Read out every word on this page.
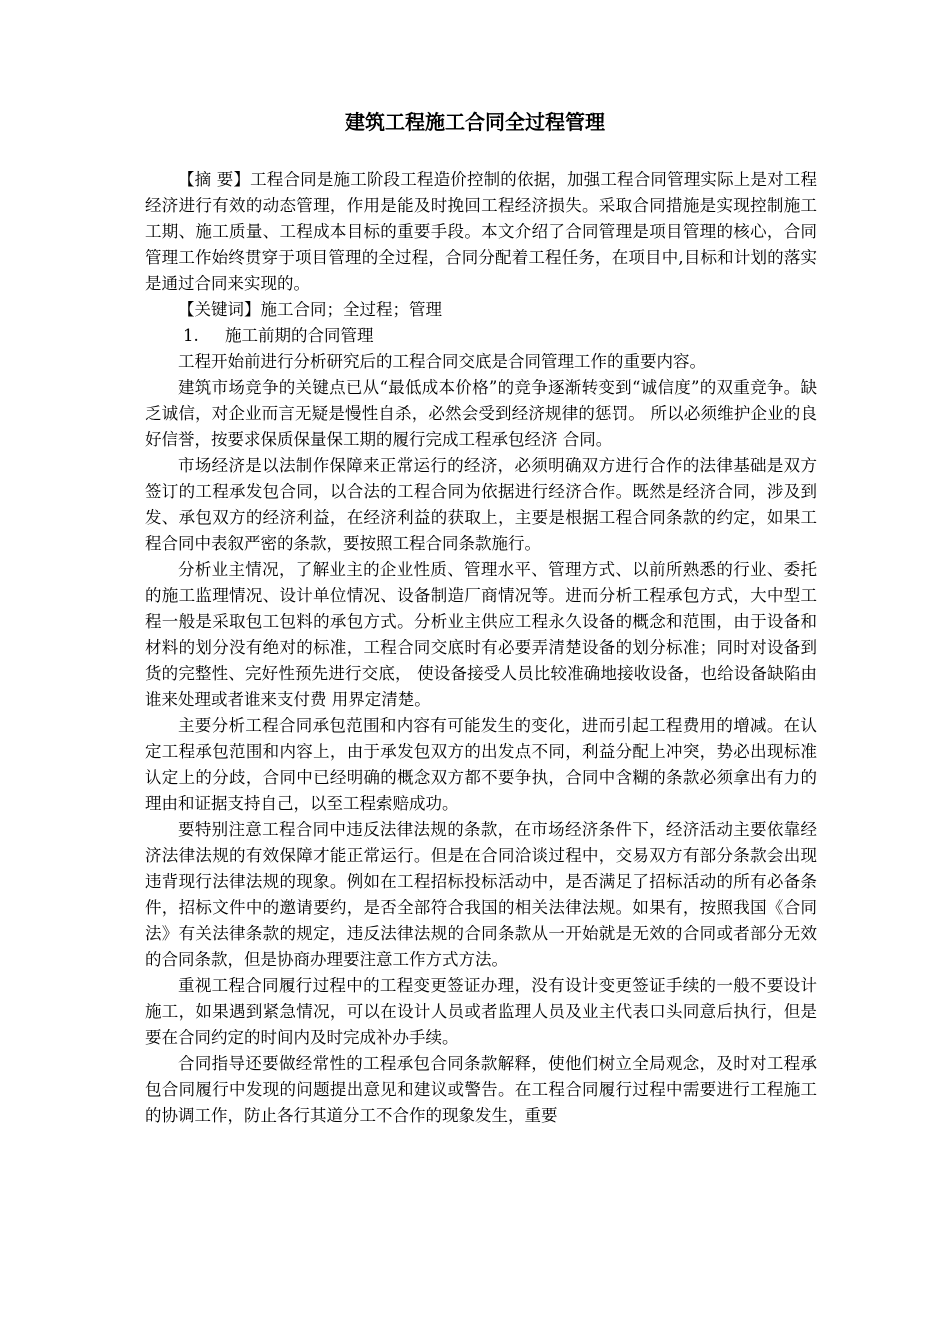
建筑工程施工合同全过程管理

【摘 要】工程合同是施工阶段工程造价控制的依据，加强工程合同管理实际上是对工程经济进行有效的动态管理，作用是能及时挽回工程经济损失。采取合同措施是实现控制施工工期、施工质量、工程成本目标的重要手段。本文介绍了合同管理是项目管理的核心，合同管理工作始终贯穿于项目管理的全过程，合同分配着工程任务，在项目中,目标和计划的落实是通过合同来实现的。

【关键词】施工合同；全过程；管理

1. 施工前期的合同管理

工程开始前进行分析研究后的工程合同交底是合同管理工作的重要内容。

建筑市场竞争的关键点已从“最低成本价格”的竞争逐渐转变到“诚信度”的双重竞争。缺乏诚信，对企业而言无疑是慢性自杀，必然会受到经济规律的惩罚。 所以必须维护企业的良好信誉，按要求保质保量保工期的履行完成工程承包经济 合同。

市场经济是以法制作保障来正常运行的经济，必须明确双方进行合作的法律基础是双方签订的工程承发包合同，以合法的工程合同为依据进行经济合作。既然是经济合同，涉及到发、承包双方的经济利益，在经济利益的获取上，主要是根据工程合同条款的约定，如果工程合同中表叙严密的条款，要按照工程合同条款施行。

分析业主情况，了解业主的企业性质、管理水平、管理方式、以前所熟悉的行业、委托的施工监理情况、设计单位情况、设备制造厂商情况等。进而分析工程承包方式，大中型工程一般是采取包工包料的承包方式。分析业主供应工程永久设备的概念和范围，由于设备和材料的划分没有绝对的标准，工程合同交底时有必要弄清楚设备的划分标准；同时对设备到货的完整性、完好性预先进行交底， 使设备接受人员比较准确地接收设备，也给设备缺陷由谁来处理或者谁来支付费 用界定清楚。

主要分析工程合同承包范围和内容有可能发生的变化，进而引起工程费用的增减。在认定工程承包范围和内容上，由于承发包双方的出发点不同，利益分配上冲突，势必出现标准认定上的分歧，合同中已经明确的概念双方都不要争执，合同中含糊的条款必须拿出有力的理由和证据支持自己，以至工程索赔成功。

要特别注意工程合同中违反法律法规的条款，在市场经济条件下，经济活动主要依靠经济法律法规的有效保障才能正常运行。但是在合同洽谈过程中，交易双方有部分条款会出现违背现行法律法规的现象。例如在工程招标投标活动中，是否满足了招标活动的所有必备条件，招标文件中的邀请要约，是否全部符合我国的相关法律法规。如果有，按照我国《合同法》有关法律条款的规定，违反法律法规的合同条款从一开始就是无效的合同或者部分无效的合同条款，但是协商办理要注意工作方式方法。

重视工程合同履行过程中的工程变更签证办理，没有设计变更签证手续的一般不要设计施工，如果遇到紧急情况，可以在设计人员或者监理人员及业主代表口头同意后执行，但是要在合同约定的时间内及时完成补办手续。

合同指导还要做经常性的工程承包合同条款解释，使他们树立全局观念，及时对工程承包合同履行中发现的问题提出意见和建议或警告。在工程合同履行过程中需要进行工程施工的协调工作，防止各行其道分工不合作的现象发生，重要
